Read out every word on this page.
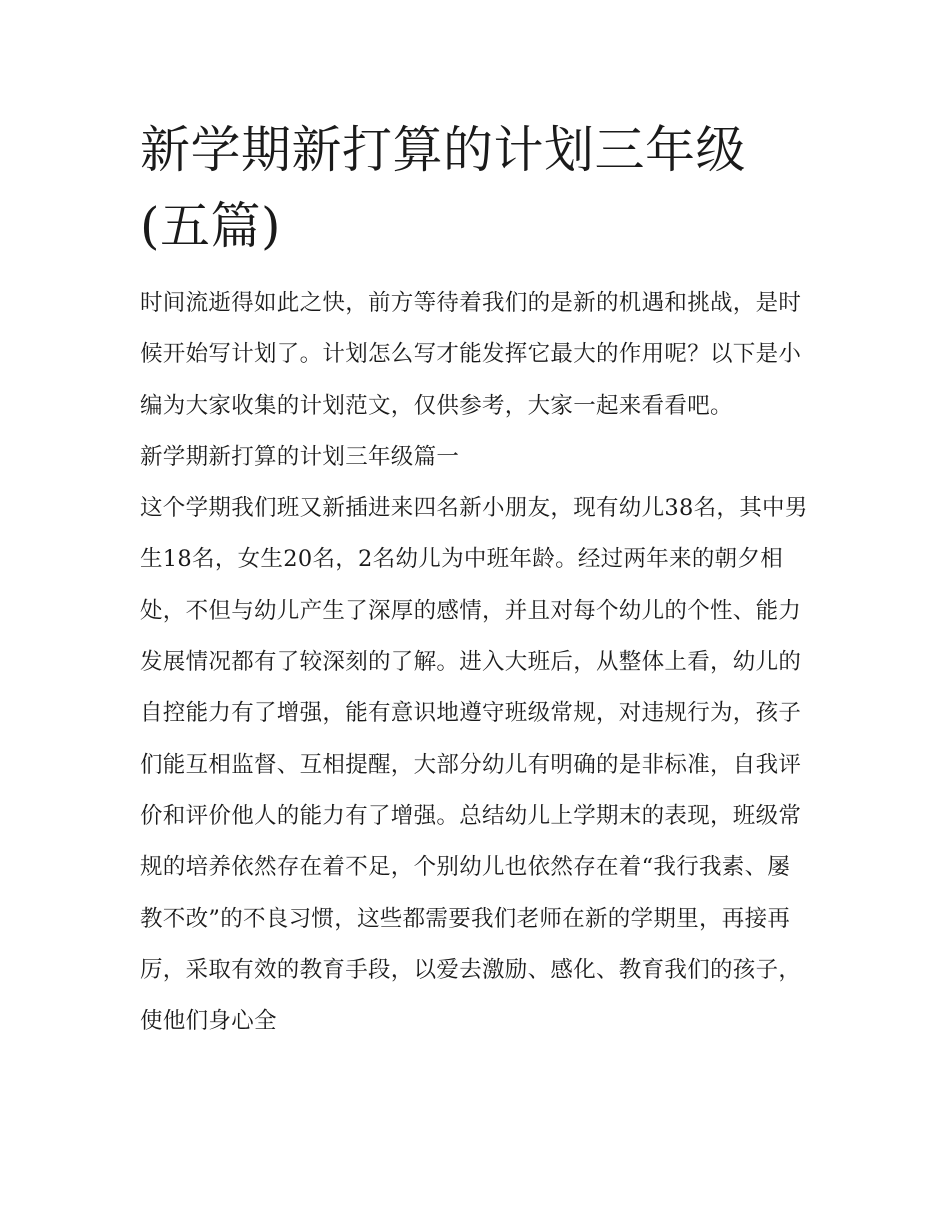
新学期新打算的计划三年级(五篇)

时间流逝得如此之快，前方等待着我们的是新的机遇和挑战，是时候开始写计划了。计划怎么写才能发挥它最大的作用呢？以下是小编为大家收集的计划范文，仅供参考，大家一起来看看吧。

新学期新打算的计划三年级篇一

这个学期我们班又新插进来四名新小朋友，现有幼儿38名，其中男生18名，女生20名，2名幼儿为中班年龄。经过两年来的朝夕相处，不但与幼儿产生了深厚的感情，并且对每个幼儿的个性、能力发展情况都有了较深刻的了解。进入大班后，从整体上看，幼儿的自控能力有了增强，能有意识地遵守班级常规，对违规行为，孩子们能互相监督、互相提醒，大部分幼儿有明确的是非标准，自我评价和评价他人的能力有了增强。总结幼儿上学期末的表现，班级常规的培养依然存在着不足，个别幼儿也依然存在着“我行我素、屡教不改”的不良习惯，这些都需要我们老师在新的学期里，再接再厉，采取有效的教育手段，以爱去激励、感化、教育我们的孩子，使他们身心全
